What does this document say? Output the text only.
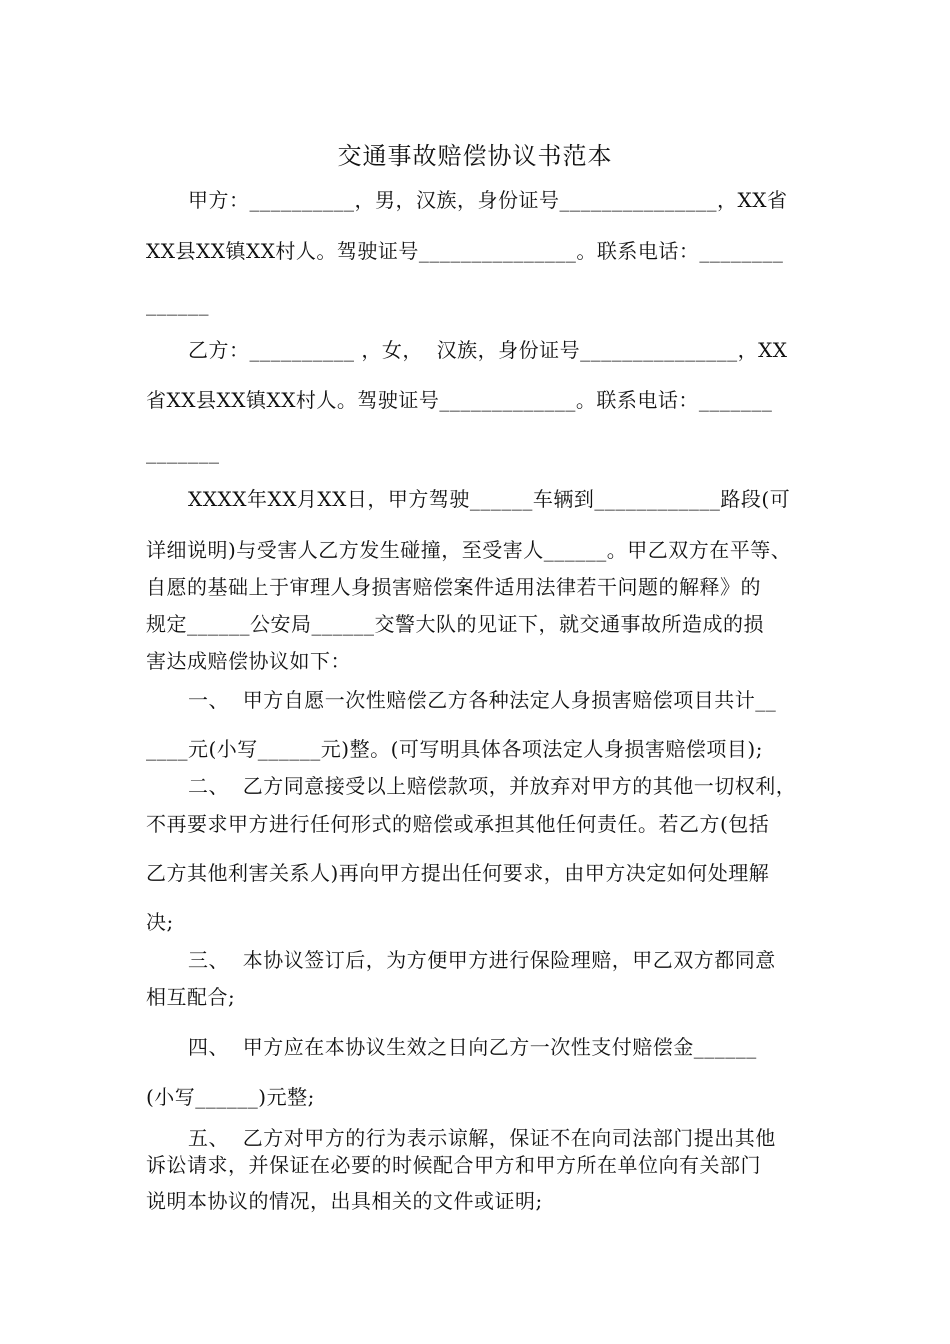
交通事故赔偿协议书范本
甲方：__________，男，汉族，身份证号_______________，XX省
XX县XX镇XX村人。驾驶证号_______________。联系电话：________
______
乙方：__________ ，女，  汉族，身份证号_______________，XX
省XX县XX镇XX村人。驾驶证号_____________。联系电话：_______
_______
XXXX年XX月XX日，甲方驾驶______车辆到____________路段(可
详细说明)与受害人乙方发生碰撞，至受害人______。甲乙双方在平等、
自愿的基础上于审理人身损害赔偿案件适用法律若干问题的解释》的
规定______公安局______交警大队的见证下，就交通事故所造成的损
害达成赔偿协议如下：
一、  甲方自愿一次性赔偿乙方各种法定人身损害赔偿项目共计__
____元(小写______元)整。(可写明具体各项法定人身损害赔偿项目);
二、  乙方同意接受以上赔偿款项，并放弃对甲方的其他一切权利，
不再要求甲方进行任何形式的赔偿或承担其他任何责任。若乙方(包括
乙方其他利害关系人)再向甲方提出任何要求，由甲方决定如何处理解
决;
三、  本协议签订后，为方便甲方进行保险理赔，甲乙双方都同意
相互配合;
四、  甲方应在本协议生效之日向乙方一次性支付赔偿金______
(小写______)元整;
五、  乙方对甲方的行为表示谅解，保证不在向司法部门提出其他
诉讼请求，并保证在必要的时候配合甲方和甲方所在单位向有关部门
说明本协议的情况，出具相关的文件或证明;
